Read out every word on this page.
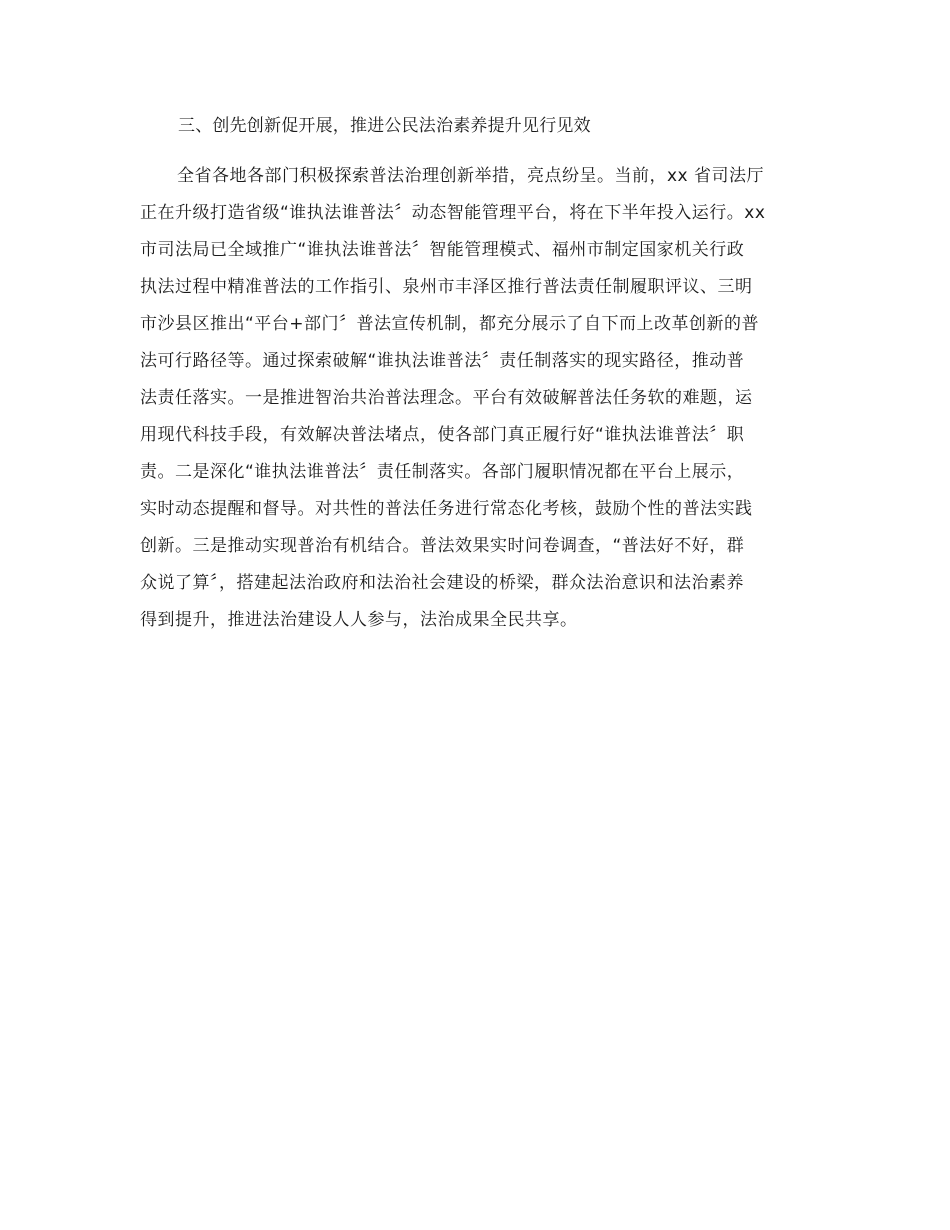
三、创先创新促开展，推进公民法治素养提升见行见效

全省各地各部门积极探索普法治理创新举措，亮点纷呈。当前，xx 省司法厅
正在升级打造省级“谁执法谁普法〞动态智能管理平台，将在下半年投入运行。xx
市司法局已全域推广“谁执法谁普法〞智能管理模式、福州市制定国家机关行政
执法过程中精准普法的工作指引、泉州市丰泽区推行普法责任制履职评议、三明
市沙县区推出“平台+部门〞普法宣传机制，都充分展示了自下而上改革创新的普
法可行路径等。通过探索破解“谁执法谁普法〞责任制落实的现实路径，推动普
法责任落实。一是推进智治共治普法理念。平台有效破解普法任务软的难题，运
用现代科技手段，有效解决普法堵点，使各部门真正履行好“谁执法谁普法〞职
责。二是深化“谁执法谁普法〞责任制落实。各部门履职情况都在平台上展示，
实时动态提醒和督导。对共性的普法任务进行常态化考核，鼓励个性的普法实践
创新。三是推动实现普治有机结合。普法效果实时问卷调查，“普法好不好，群
众说了算〞，搭建起法治政府和法治社会建设的桥梁，群众法治意识和法治素养
得到提升，推进法治建设人人参与，法治成果全民共享。
